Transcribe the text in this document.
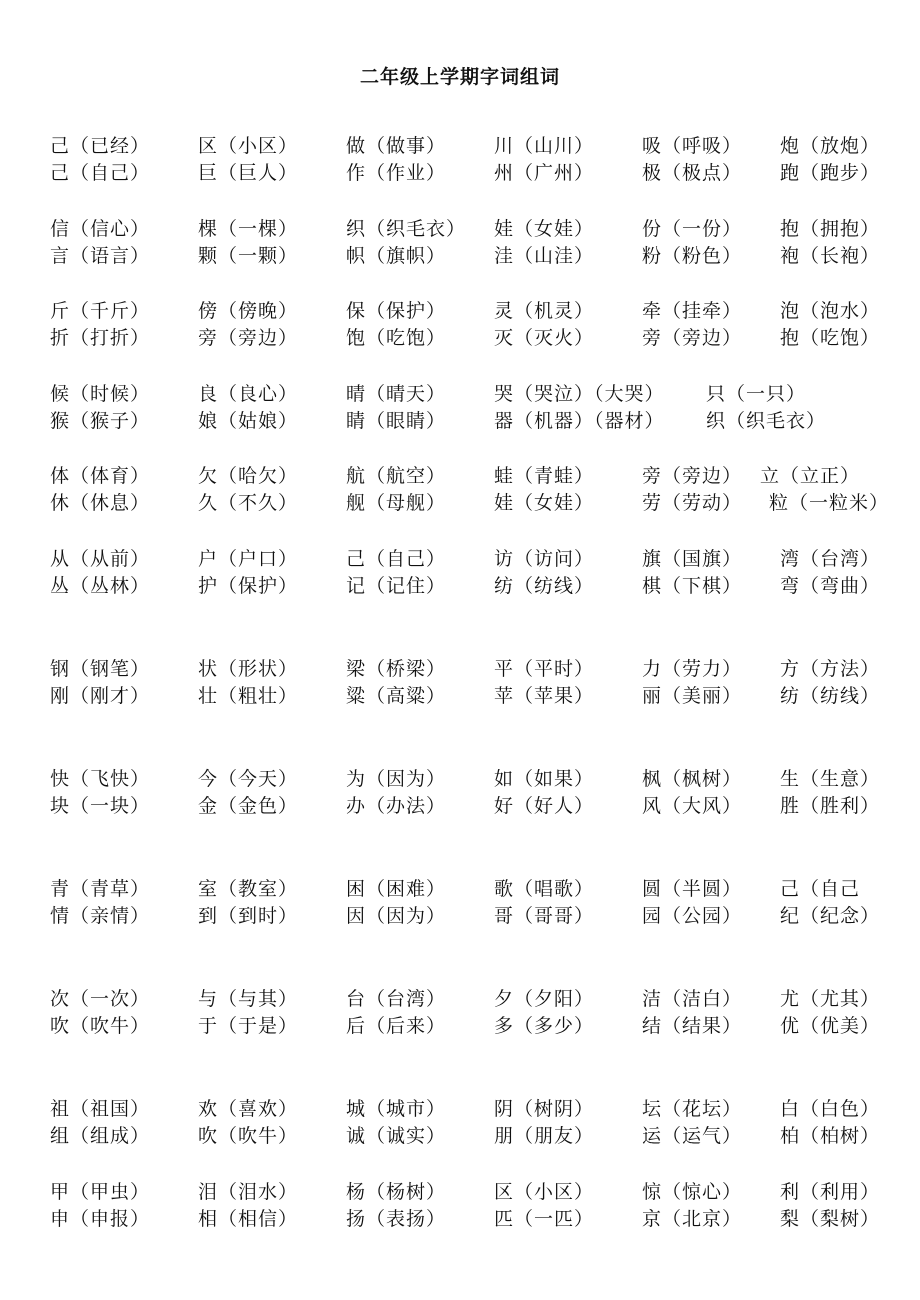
二年级上学期字词组词
己（已经）	区（小区）	做（做事）	川（山川）	吸（呼吸） 炮（放炮）
己（自己）	巨（巨人）	作（作业）	州（广州）	极（极点） 跑（跑步）
信（信心）	棵（一棵）	织（织毛衣） 娃（女娃）	份（一份） 抱（拥抱）
言（语言）	颗（一颗）	帜（旗帜）	洼（山洼）	粉（粉色） 袍（长袍）
斤（千斤）	傍（傍晚）	保（保护）	灵（机灵）	牵（挂牵） 泡（泡水）
折（打折）	旁（旁边）	饱（吃饱）	灭（灭火）	旁（旁边） 抱（吃饱）
候（时候）	良（良心）	晴（晴天）	哭（哭泣）（大哭） 只（一只）
猴（猴子）	娘（姑娘）	睛（眼睛）	器（机器）（器材） 织（织毛衣）
体（体育）	欠（哈欠）	航（航空）	蛙（青蛙）	旁（旁边） 立（立正）
休（休息）	久（不久）	舰（母舰）	娃（女娃）	劳（劳动） 粒（一粒米）
从（从前）	户（户口）	己（自己）	访（访问）	旗（国旗） 湾（台湾）
丛（丛林）	护（保护）	记（记住）	纺（纺线）	棋（下棋） 弯（弯曲）
钢（钢笔）	状（形状）	梁（桥梁）	平（平时）	力（劳力） 方（方法）
刚（刚才）	壮（粗壮）	粱（高粱）	苹（苹果）	丽（美丽） 纺（纺线）
快（飞快）	今（今天）	为（因为）	如（如果）	枫（枫树） 生（生意）
块（一块）	金（金色）	办（办法）	好（好人）	风（大风） 胜（胜利）
青（青草）	室（教室）	困（困难）	歌（唱歌）	圆（半圆） 己（自己
情（亲情）	到（到时）	因（因为）	哥（哥哥）	园（公园） 纪（纪念）
次（一次）	与（与其）	台（台湾）	夕（夕阳）	洁（洁白） 尤（尤其）
吹（吹牛）	于（于是）	后（后来）	多（多少）	结（结果） 优（优美）
祖（祖国）	欢（喜欢）	城（城市）	阴（树阴）	坛（花坛） 白（白色）
组（组成）	吹（吹牛）	诚（诚实）	朋（朋友）	运（运气） 柏（柏树）
甲（甲虫）	泪（泪水）	杨（杨树）	区（小区）	惊（惊心） 利（利用）
申（申报）	相（相信）	扬（表扬）	匹（一匹）	京（北京） 梨（梨树）
